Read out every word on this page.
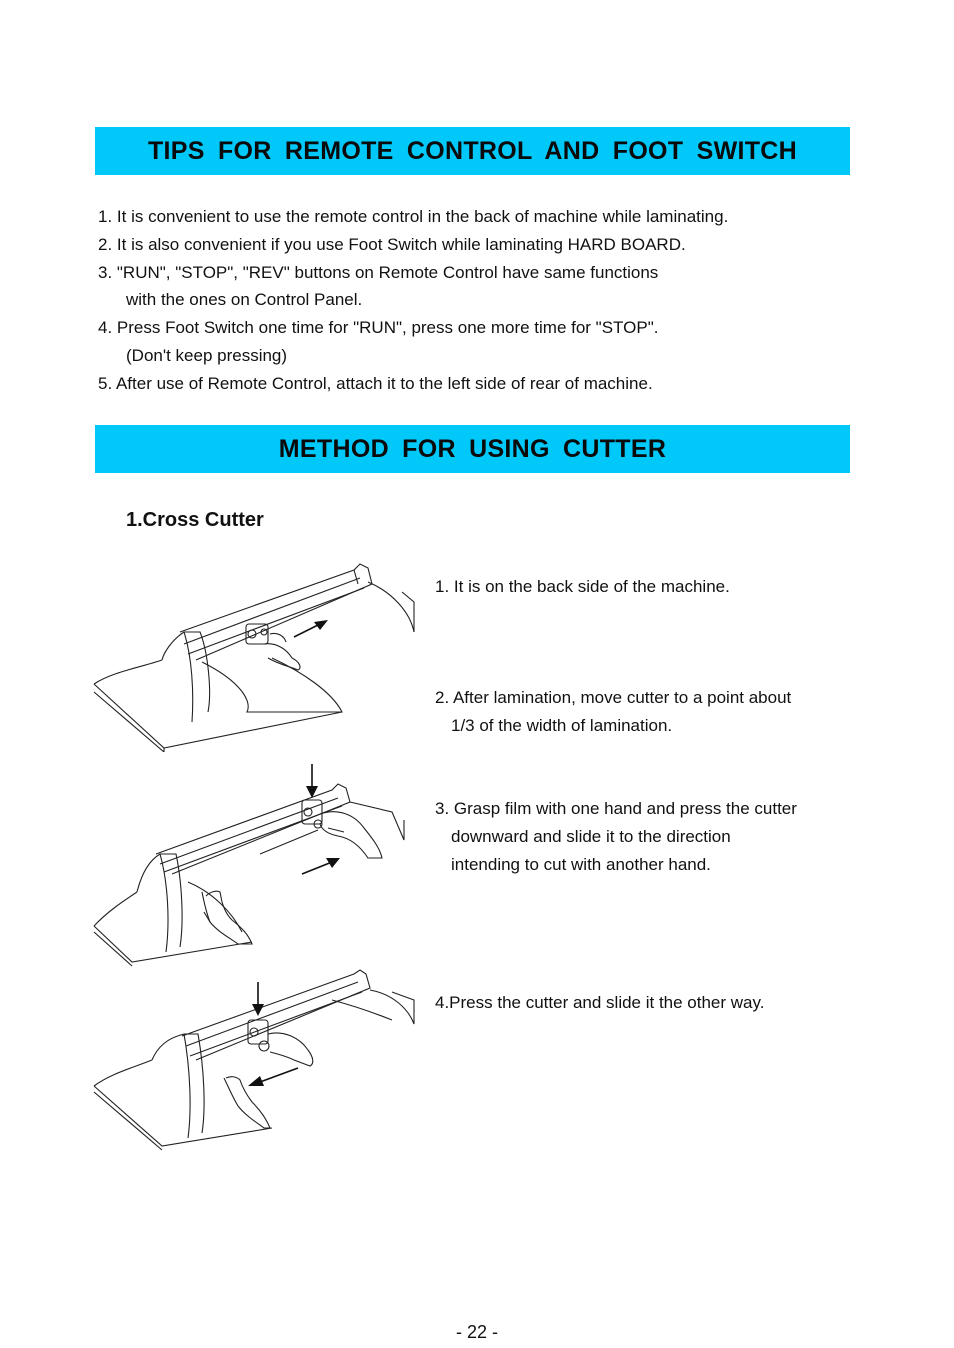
TIPS FOR REMOTE CONTROL AND FOOT SWITCH
1. It is convenient to use the remote control in the back of machine while laminating.
2. It is also convenient if you use Foot Switch while laminating HARD BOARD.
3. "RUN", "STOP", "REV" buttons on Remote Control have same functions
with the ones on Control Panel.
4. Press Foot Switch one time for "RUN", press one more time for "STOP".
(Don't keep pressing)
5. After use of Remote Control, attach it to the left side of rear of machine.
METHOD FOR USING CUTTER
1.Cross Cutter
1. It is on the back side of the machine.
2. After lamination, move cutter to a point about
1/3 of the width of lamination.
3. Grasp film with one hand and press the cutter
downward and slide it to the direction
intending to cut with another hand.
4.Press the cutter and slide it the other way.
- 22 -
